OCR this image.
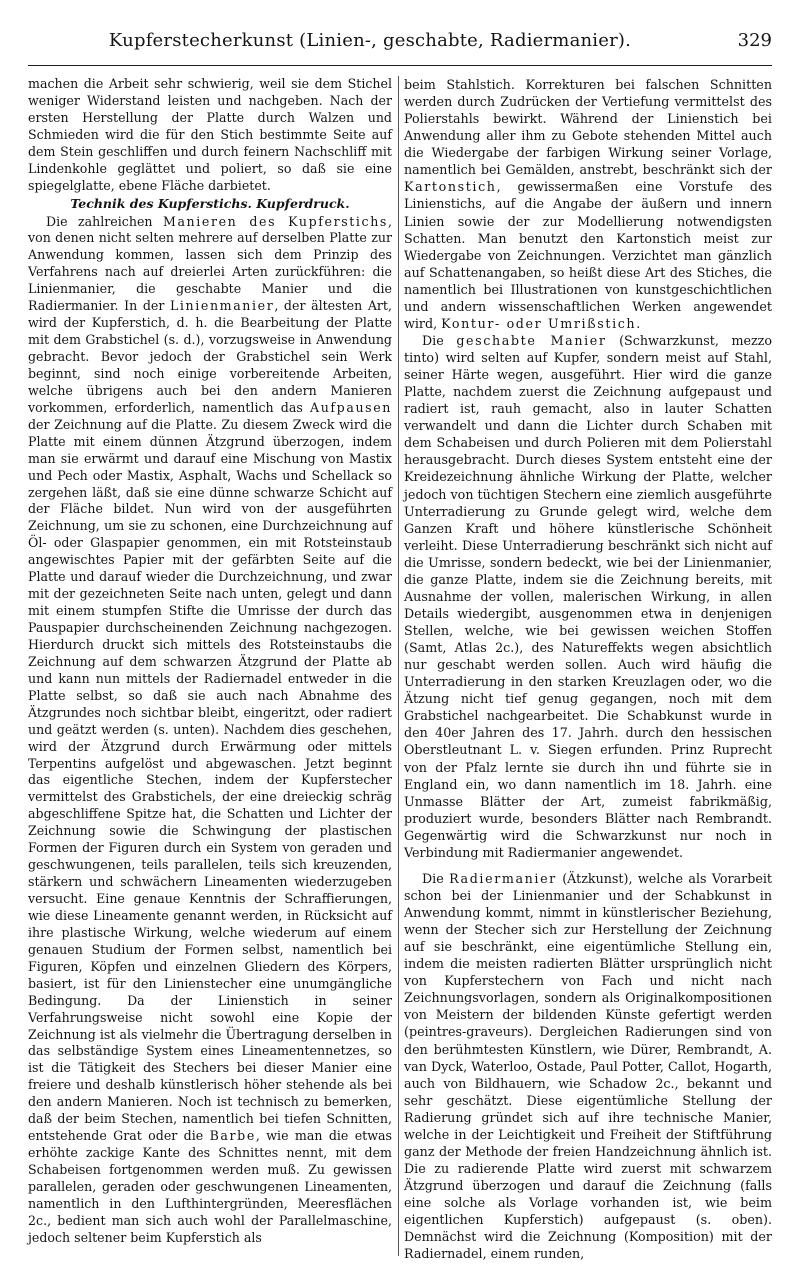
Kupferstecherkunst (Linien-, geschabte, Radiermanier).	329

machen die Arbeit sehr schwierig, weil sie dem Stichel weniger Widerstand leisten und nachgeben. Nach der ersten Herstellung der Platte durch Walzen und Schmieden wird die für den Stich bestimmte Seite auf dem Stein geschliffen und durch feinern Nachschliff mit Lindenkohle geglättet und poliert, so daß sie eine spiegelglatte, ebene Fläche darbietet.

Technik des Kupferstichs. Kupferdruck.

Die zahlreichen Manieren des Kupferstichs, von denen nicht selten mehrere auf derselben Platte zur Anwendung kommen, lassen sich dem Prinzip des Verfahrens nach auf dreierlei Arten zurückführen: die Linienmanier, die geschabte Manier und die Radiermanier. In der Linienmanier, der ältesten Art, wird der Kupferstich, d. h. die Bearbeitung der Platte mit dem Grabstichel (s. d.), vorzugsweise in Anwendung gebracht. Bevor jedoch der Grabstichel sein Werk beginnt, sind noch einige vorbereitende Arbeiten, welche übrigens auch bei den andern Manieren vorkommen, erforderlich, namentlich das Aufpausen der Zeichnung auf die Platte. Zu diesem Zweck wird die Platte mit einem dünnen Ätzgrund überzogen, indem man sie erwärmt und darauf eine Mischung von Mastix und Pech oder Mastix, Asphalt, Wachs und Schellack so zergehen läßt, daß sie eine dünne schwarze Schicht auf der Fläche bildet. Nun wird von der ausgeführten Zeichnung, um sie zu schonen, eine Durchzeichnung auf Öl- oder Glaspapier genommen, ein mit Rotsteinstaub angewischtes Papier mit der gefärbten Seite auf die Platte und darauf wieder die Durchzeichnung, und zwar mit der gezeichneten Seite nach unten, gelegt und dann mit einem stumpfen Stifte die Umrisse der durch das Pauspapier durchscheinenden Zeichnung nachgezogen. Hierdurch druckt sich mittels des Rotsteinstaubs die Zeichnung auf dem schwarzen Ätzgrund der Platte ab und kann nun mittels der Radiernadel entweder in die Platte selbst, so daß sie auch nach Abnahme des Ätzgrundes noch sichtbar bleibt, eingeritzt, oder radiert und geätzt werden (s. unten). Nachdem dies geschehen, wird der Ätzgrund durch Erwärmung oder mittels Terpentins aufgelöst und abgewaschen. Jetzt beginnt das eigentliche Stechen, indem der Kupferstecher vermittelst des Grabstichels, der eine dreieckig schräg abgeschliffene Spitze hat, die Schatten und Lichter der Zeichnung sowie die Schwingung der plastischen Formen der Figuren durch ein System von geraden und geschwungenen, teils parallelen, teils sich kreuzenden, stärkern und schwächern Lineamenten wiederzugeben versucht. Eine genaue Kenntnis der Schraffierungen, wie diese Lineamente genannt werden, in Rücksicht auf ihre plastische Wirkung, welche wiederum auf einem genauen Studium der Formen selbst, namentlich bei Figuren, Köpfen und einzelnen Gliedern des Körpers, basiert, ist für den Linienstecher eine unumgängliche Bedingung. Da der Linienstich in seiner Verfahrungsweise nicht sowohl eine Kopie der Zeichnung ist als vielmehr die Übertragung derselben in das selbständige System eines Lineamentennetzes, so ist die Tätigkeit des Stechers bei dieser Manier eine freiere und deshalb künstlerisch höher stehende als bei den andern Manieren. Noch ist technisch zu bemerken, daß der beim Stechen, namentlich bei tiefen Schnitten, entstehende Grat oder die Barbe, wie man die etwas erhöhte zackige Kante des Schnittes nennt, mit dem Schabeisen fortgenommen werden muß. Zu gewissen parallelen, geraden oder geschwungenen Lineamenten, namentlich in den Lufthintergründen, Meeresflächen 2c., bedient man sich auch wohl der Parallelmaschine, jedoch seltener beim Kupferstich als

beim Stahlstich. Korrekturen bei falschen Schnitten werden durch Zudrücken der Vertiefung vermittelst des Polierstahls bewirkt. Während der Linienstich bei Anwendung aller ihm zu Gebote stehenden Mittel auch die Wiedergabe der farbigen Wirkung seiner Vorlage, namentlich bei Gemälden, anstrebt, beschränkt sich der Kartonstich, gewissermaßen eine Vorstufe des Linienstichs, auf die Angabe der äußern und innern Linien sowie der zur Modellierung notwendigsten Schatten. Man benutzt den Kartonstich meist zur Wiedergabe von Zeichnungen. Verzichtet man gänzlich auf Schattenangaben, so heißt diese Art des Stiches, die namentlich bei Illustrationen von kunstgeschichtlichen und andern wissenschaftlichen Werken angewendet wird, Kontur- oder Umrißstich.

Die geschabte Manier (Schwarzkunst, mezzo tinto) wird selten auf Kupfer, sondern meist auf Stahl, seiner Härte wegen, ausgeführt. Hier wird die ganze Platte, nachdem zuerst die Zeichnung aufgepaust und radiert ist, rauh gemacht, also in lauter Schatten verwandelt und dann die Lichter durch Schaben mit dem Schabeisen und durch Polieren mit dem Polierstahl herausgebracht. Durch dieses System entsteht eine der Kreidezeichnung ähnliche Wirkung der Platte, welcher jedoch von tüchtigen Stechern eine ziemlich ausgeführte Unterradierung zu Grunde gelegt wird, welche dem Ganzen Kraft und höhere künstlerische Schönheit verleiht. Diese Unterradierung beschränkt sich nicht auf die Umrisse, sondern bedeckt, wie bei der Linienmanier, die ganze Platte, indem sie die Zeichnung bereits, mit Ausnahme der vollen, malerischen Wirkung, in allen Details wiedergibt, ausgenommen etwa in denjenigen Stellen, welche, wie bei gewissen weichen Stoffen (Samt, Atlas 2c.), des Natureffekts wegen absichtlich nur geschabt werden sollen. Auch wird häufig die Unterradierung in den starken Kreuzlagen oder, wo die Ätzung nicht tief genug gegangen, noch mit dem Grabstichel nachgearbeitet. Die Schabkunst wurde in den 40er Jahren des 17. Jahrh. durch den hessischen Oberstleutnant L. v. Siegen erfunden. Prinz Ruprecht von der Pfalz lernte sie durch ihn und führte sie in England ein, wo dann namentlich im 18. Jahrh. eine Unmasse Blätter der Art, zumeist fabrikmäßig, produziert wurde, besonders Blätter nach Rembrandt. Gegenwärtig wird die Schwarzkunst nur noch in Verbindung mit Radiermanier angewendet.

Die Radiermanier (Ätzkunst), welche als Vorarbeit schon bei der Linienmanier und der Schabkunst in Anwendung kommt, nimmt in künstlerischer Beziehung, wenn der Stecher sich zur Herstellung der Zeichnung auf sie beschränkt, eine eigentümliche Stellung ein, indem die meisten radierten Blätter ursprünglich nicht von Kupferstechern von Fach und nicht nach Zeichnungsvorlagen, sondern als Originalkompositionen von Meistern der bildenden Künste gefertigt werden (peintres-graveurs). Dergleichen Radierungen sind von den berühmtesten Künstlern, wie Dürer, Rembrandt, A. van Dyck, Waterloo, Ostade, Paul Potter, Callot, Hogarth, auch von Bildhauern, wie Schadow 2c., bekannt und sehr geschätzt. Diese eigentümliche Stellung der Radierung gründet sich auf ihre technische Manier, welche in der Leichtigkeit und Freiheit der Stiftführung ganz der Methode der freien Handzeichnung ähnlich ist. Die zu radierende Platte wird zuerst mit schwarzem Ätzgrund überzogen und darauf die Zeichnung (falls eine solche als Vorlage vorhanden ist, wie beim eigentlichen Kupferstich) aufgepaust (s. oben). Demnächst wird die Zeichnung (Komposition) mit der Radiernadel, einem runden,
